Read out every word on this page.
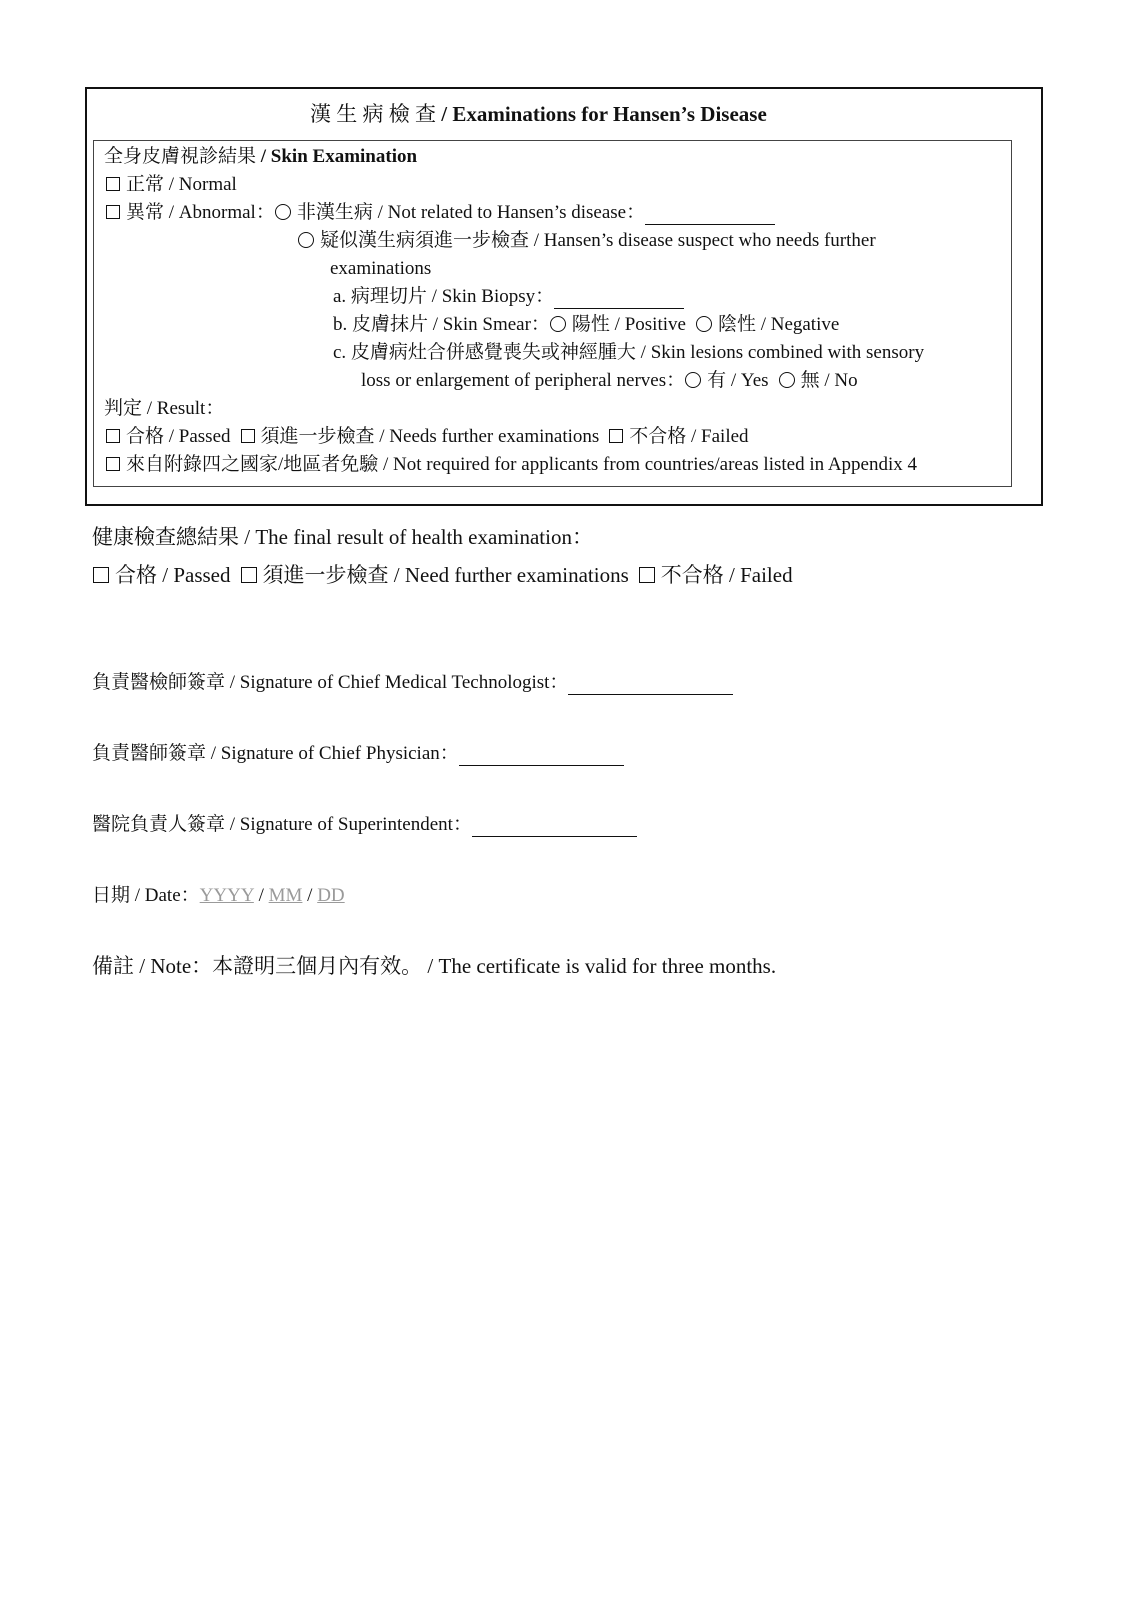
漢 生 病 檢 查 / Examinations for Hansen’s Disease
全身皮膚視診結果 / Skin Examination
正常 / Normal
異常 / Abnormal： 非漢生病 / Not related to Hansen’s disease：
疑似漢生病須進一步檢查 / Hansen’s disease suspect who needs further
examinations
a. 病理切片 / Skin Biopsy：
b. 皮膚抹片 / Skin Smear： 陽性 / Positive 陰性 / Negative
c. 皮膚病灶合併感覺喪失或神經腫大 / Skin lesions combined with sensory
loss or enlargement of peripheral nerves： 有 / Yes 無 / No
判定 / Result：
合格 / Passed 須進一步檢查 / Needs further examinations 不合格 / Failed
來自附錄四之國家/地區者免驗 / Not required for applicants from countries/areas listed in Appendix 4
健康檢查總結果 / The final result of health examination：
合格 / Passed 須進一步檢查 / Need further examinations 不合格 / Failed
負責醫檢師簽章 / Signature of Chief Medical Technologist：
負責醫師簽章 / Signature of Chief Physician：
醫院負責人簽章 / Signature of Superintendent：
日期 / Date：YYYY / MM / DD
備註 / Note：本證明三個月內有效。 / The certificate is valid for three months.
